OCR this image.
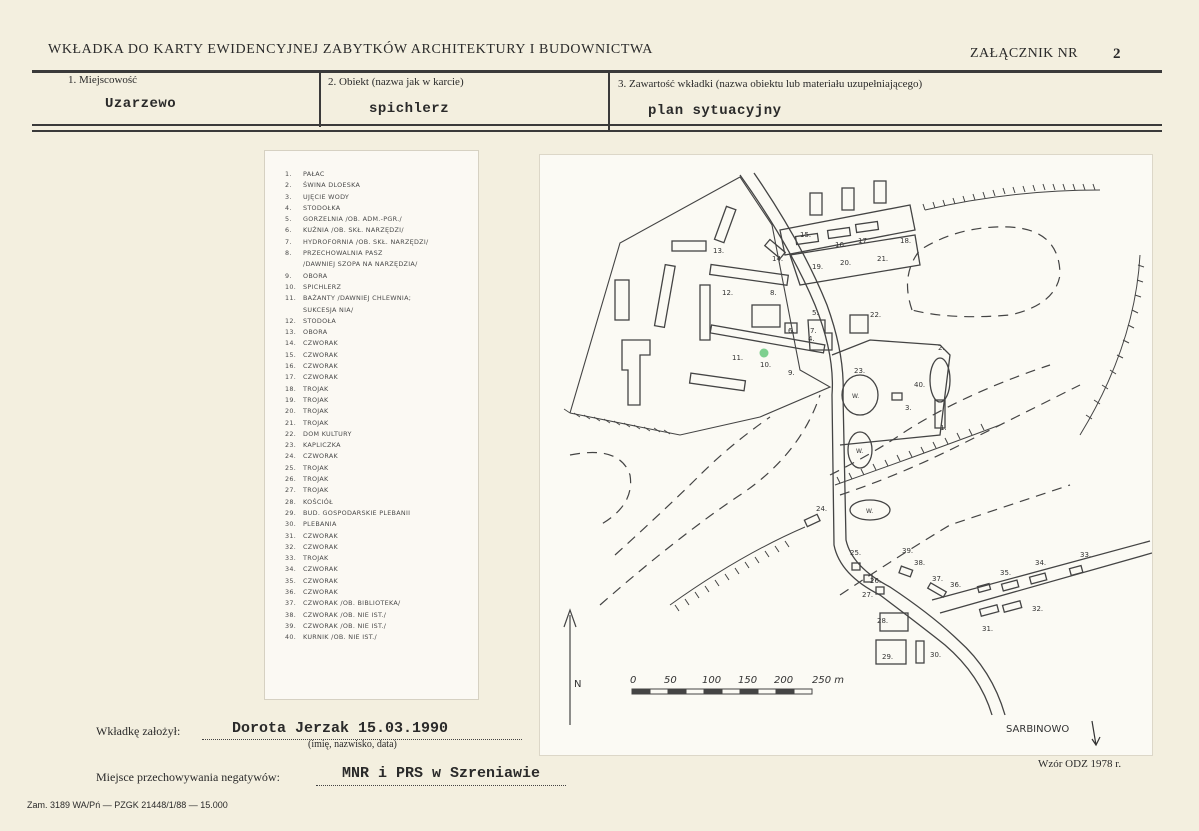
WKŁADKA DO KARTY EWIDENCYJNEJ ZABYTKÓW ARCHITEKTURY I BUDOWNICTWA	ZAŁĄCZNIK NR 2
1. Miejscowość
Uzarzewo
2. Obiekt (nazwa jak w karcie)
spichlerz
3. Zawartość wkładki (nazwa obiektu lub materiału uzupełniającego)
plan sytuacyjny
1. PAŁAC
2. ŚWINA DLOESKA
3. UJĘCIE WODY
4. STODOŁKA
5. GORZELNIA /OB. ADM.-PGR./
6. KUŹNIA /OB. SKŁ. NARZĘDZI/
7. HYDROFORNIA /OB. SKŁ. NARZĘDZI/
8. PRZECHOWALNIA PASZ
/DAWNIEJ SZOPA NA NARZĘDZIA/
9. OBORA
10. SPICHLERZ
11. BAŻANTY /DAWNIEJ CHLEWNIA;
SUKCESJA NIA/
12. STODOŁA
13. OBORA
14. CZWORAK
15. CZWORAK
16. CZWORAK
17. CZWORAK
18. TROJAK
19. TROJAK
20. TROJAK
21. TROJAK
22. DOM KULTURY
23. KAPLICZKA
24. CZWORAK
25. TROJAK
26. TROJAK
27. TROJAK
28. KOŚCIÓŁ
29. BUD. GOSPODARSKIE PLEBANII
30. PLEBANIA
31. CZWORAK
32. CZWORAK
33. TROJAK
34. CZWORAK
35. CZWORAK
36. CZWORAK
37. CZWORAK /OB. BIBLIOTEKA/
38. CZWORAK /OB. NIE IST./
39. CZWORAK /OB. NIE IST./
40. KURNIK /OB. NIE IST./
N	0	50	100 150 200 250 m
1.
2.
3.
4.
5.
6. 7.
8.
9.
10.
11.
12.
13.
14.
15.
16. 17.	18.
19. 20.	21.
22.
23.
24.
25.
26.
27.
28.
29.	30.
31.
32.
33.
34.
35.
36.
37.
38.
39.
40.
W.
W.
W.
SARBINOWO
Wkładkę założył:	Dorota Jerzak 15.03.1990
(imię, nazwisko, data)
Miejsce przechowywania negatywów:	MNR i PRS w Szreniawie
Wzór ODZ 1978 r.
Zam. 3189 WA/Pń — PZGK 21448/1/88 — 15.000
